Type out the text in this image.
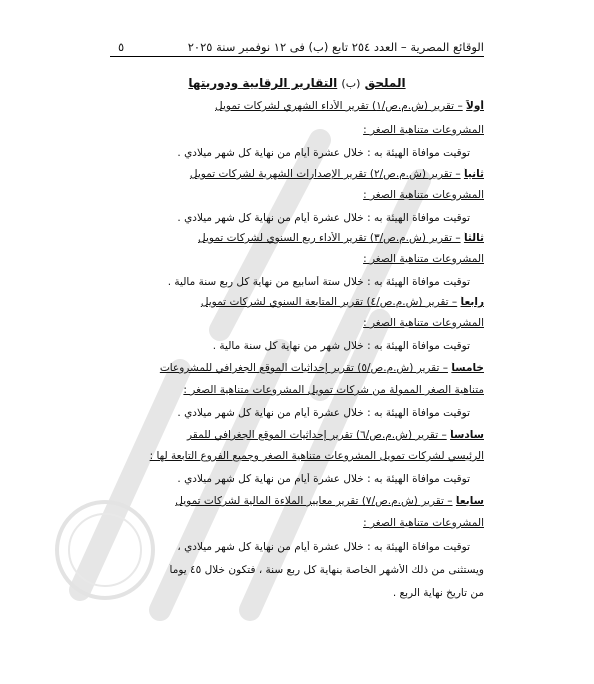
الوقائع المصرية – العدد ٢٥٤ تابع (ب) فى ١٢ نوفمبر سنة ٢٠٢٥
٥
الملحق (ب) التقارير الرقابية ودوريتها
أولاً – تقرير (ش.م.ص/١) تقرير الأداء الشهري لشركات تمويل
المشروعات متناهية الصغر :
توقيت موافاة الهيئة به : خلال عشرة أيام من نهاية كل شهر ميلادي .
ثانياً – تقرير (ش.م.ص/٢) تقرير الإصدارات الشهرية لشركات تمويل
المشروعات متناهية الصغر :
توقيت موافاة الهيئة به : خلال عشرة أيام من نهاية كل شهر ميلادي .
ثالثاً – تقرير (ش.م.ص/٣) تقرير الأداء ربع السنوي لشركات تمويل
المشروعات متناهية الصغر :
توقيت موافاة الهيئة به : خلال ستة أسابيع من نهاية كل ربع سنة مالية .
رابعاً – تقرير (ش.م.ص/٤) تقرير المتابعة السنوي لشركات تمويل
المشروعات متناهية الصغر :
توقيت موافاة الهيئة به : خلال شهر من نهاية كل سنة مالية .
خامساً – تقرير (ش.م.ص/٥) تقرير إحداثيات الموقع الجغرافي للمشروعات
متناهية الصغر الممولة من شركات تمويل المشروعات متناهية الصغر :
توقيت موافاة الهيئة به : خلال عشرة أيام من نهاية كل شهر ميلادي .
سادساً – تقرير (ش.م.ص/٦) تقرير إحداثيات الموقع الجغرافي للمقر
الرئيسي لشركات تمويل المشروعات متناهية الصغر وجميع الفروع التابعة لها :
توقيت موافاة الهيئة به : خلال عشرة أيام من نهاية كل شهر ميلادي .
سابعاً – تقرير (ش.م.ص/٧) تقرير معايير الملاءة المالية لشركات تمويل
المشروعات متناهية الصغر :
توقيت موافاة الهيئة به : خلال عشرة أيام من نهاية كل شهر ميلادي ،
ويستثنى من ذلك الأشهر الخاصة بنهاية كل ربع سنة ، فتكون خلال ٤٥ يوماً
من تاريخ نهاية الربع .
